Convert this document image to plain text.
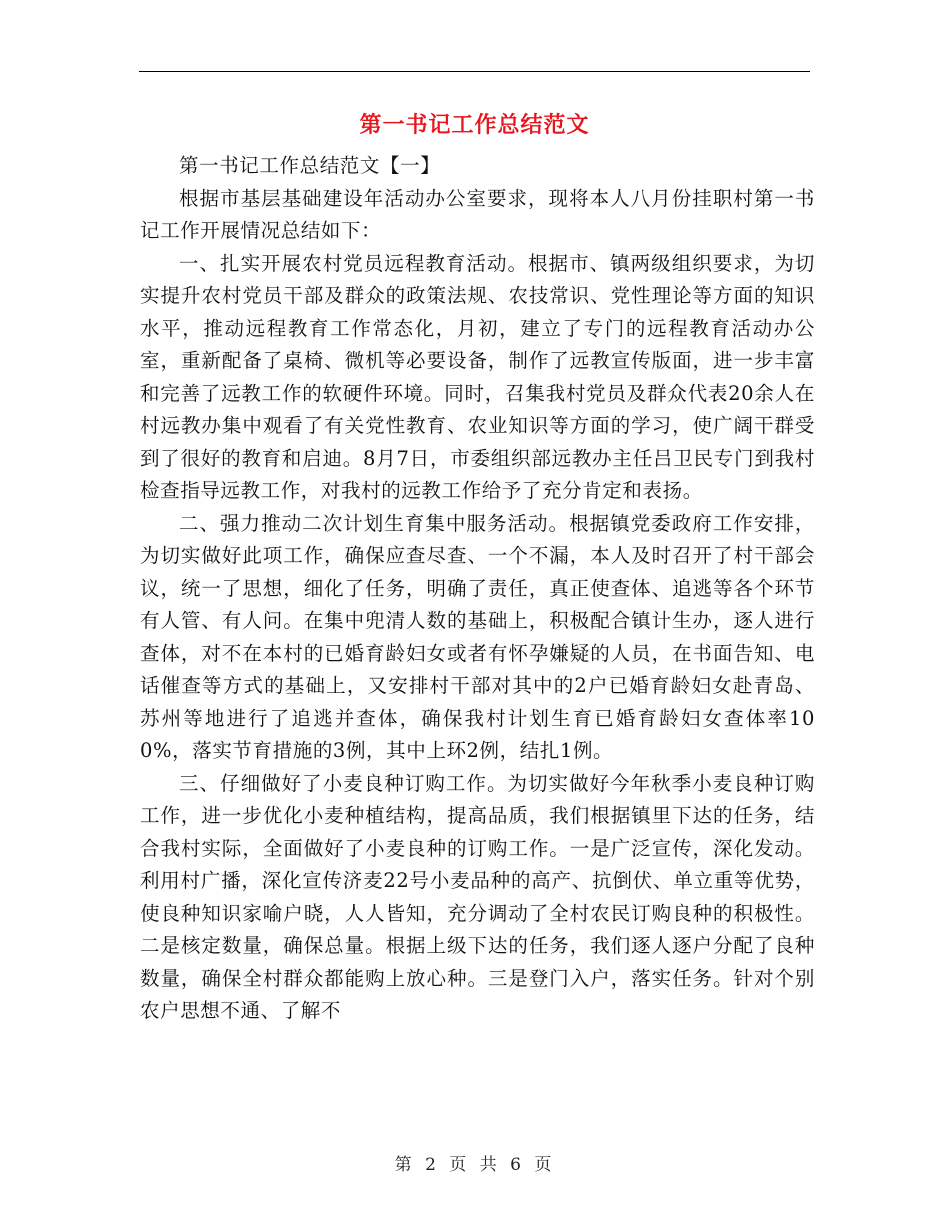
第一书记工作总结范文

第一书记工作总结范文【一】

根据市基层基础建设年活动办公室要求，现将本人八月份挂职村第一书记工作开展情况总结如下：

一、扎实开展农村党员远程教育活动。根据市、镇两级组织要求，为切实提升农村党员干部及群众的政策法规、农技常识、党性理论等方面的知识水平，推动远程教育工作常态化，月初，建立了专门的远程教育活动办公室，重新配备了桌椅、微机等必要设备，制作了远教宣传版面，进一步丰富和完善了远教工作的软硬件环境。同时，召集我村党员及群众代表20余人在村远教办集中观看了有关党性教育、农业知识等方面的学习，使广阔干群受到了很好的教育和启迪。8月7日，市委组织部远教办主任吕卫民专门到我村检查指导远教工作，对我村的远教工作给予了充分肯定和表扬。

二、强力推动二次计划生育集中服务活动。根据镇党委政府工作安排，为切实做好此项工作，确保应查尽查、一个不漏，本人及时召开了村干部会议，统一了思想，细化了任务，明确了责任，真正使查体、追逃等各个环节有人管、有人问。在集中兜清人数的基础上，积极配合镇计生办，逐人进行查体，对不在本村的已婚育龄妇女或者有怀孕嫌疑的人员，在书面告知、电话催查等方式的基础上，又安排村干部对其中的2户已婚育龄妇女赴青岛、苏州等地进行了追逃并查体，确保我村计划生育已婚育龄妇女查体率100%，落实节育措施的3例，其中上环2例，结扎1例。

三、仔细做好了小麦良种订购工作。为切实做好今年秋季小麦良种订购工作，进一步优化小麦种植结构，提高品质，我们根据镇里下达的任务，结合我村实际，全面做好了小麦良种的订购工作。一是广泛宣传，深化发动。利用村广播，深化宣传济麦22号小麦品种的高产、抗倒伏、单立重等优势，使良种知识家喻户晓，人人皆知，充分调动了全村农民订购良种的积极性。二是核定数量，确保总量。根据上级下达的任务，我们逐人逐户分配了良种数量，确保全村群众都能购上放心种。三是登门入户，落实任务。针对个别农户思想不通、了解不

第 2 页 共 6 页
